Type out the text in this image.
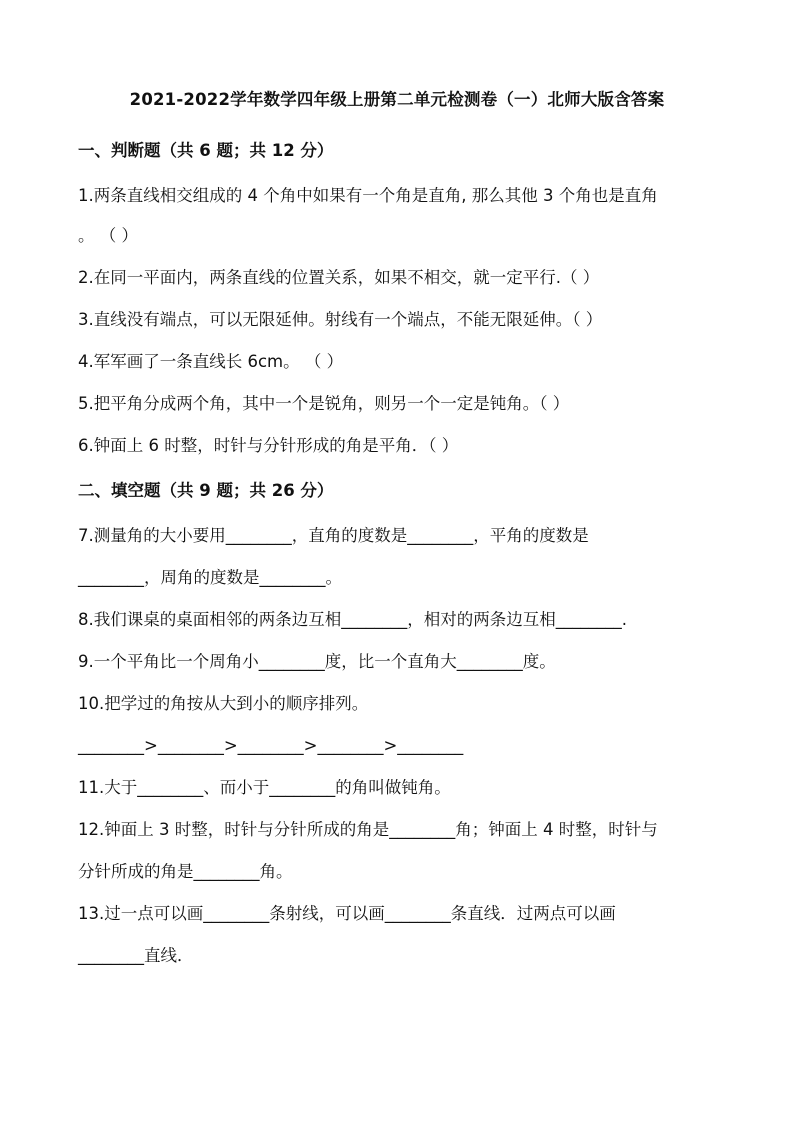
2021-2022学年数学四年级上册第二单元检测卷（一）北师大版含答案
一、判断题（共 6 题；共 12 分）
1.两条直线相交组成的 4 个角中如果有一个角是直角, 那么其他 3 个角也是直角
。 （ ）
2.在同一平面内，两条直线的位置关系，如果不相交，就一定平行.（ ）
3.直线没有端点，可以无限延伸。射线有一个端点，不能无限延伸。（ ）
4.军军画了一条直线长 6cm。 （ ）
5.把平角分成两个角，其中一个是锐角，则另一个一定是钝角。（ ）
6.钟面上 6 时整，时针与分针形成的角是平角．（ ）
二、填空题（共 9 题；共 26 分）
7.测量角的大小要用________，直角的度数是________，平角的度数是
________，周角的度数是________。
8.我们课桌的桌面相邻的两条边互相________，相对的两条边互相________.
9.一个平角比一个周角小________度，比一个直角大________度。
10.把学过的角按从大到小的顺序排列。
________>________>________>________>________
11.大于________、而小于________的角叫做钝角。
12.钟面上 3 时整，时针与分针所成的角是________角；钟面上 4 时整，时针与
分针所成的角是________角。
13.过一点可以画________条射线，可以画________条直线．过两点可以画
________直线．
